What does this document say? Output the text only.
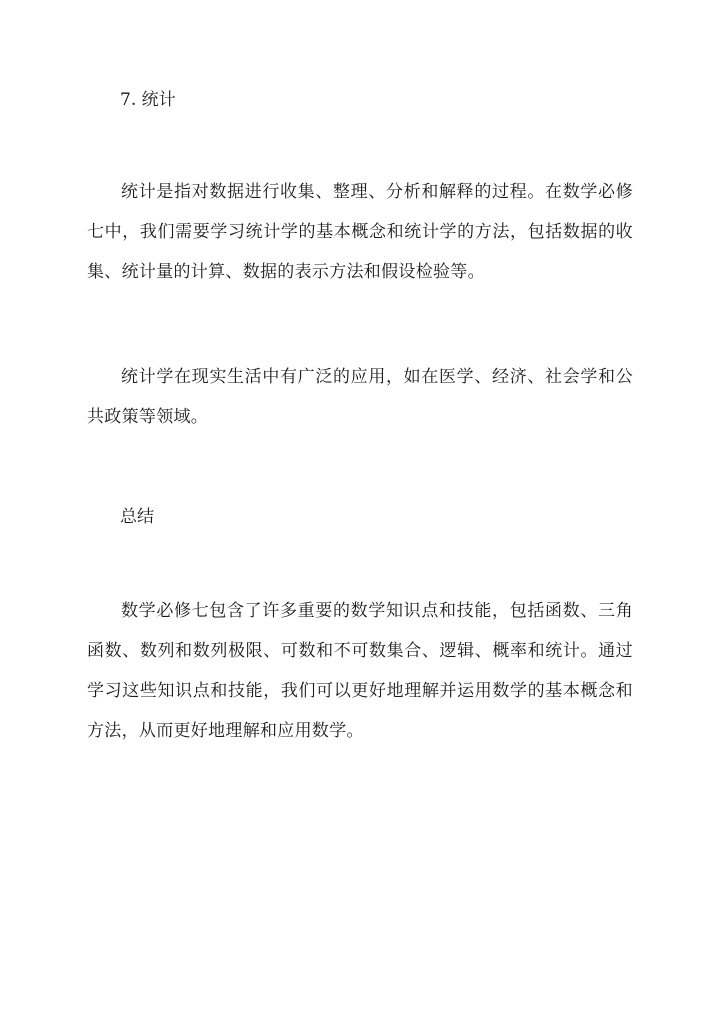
7. 统计
统计是指对数据进行收集、整理、分析和解释的过程。在数学必修七中，我们需要学习统计学的基本概念和统计学的方法，包括数据的收集、统计量的计算、数据的表示方法和假设检验等。
统计学在现实生活中有广泛的应用，如在医学、经济、社会学和公共政策等领域。
总结
数学必修七包含了许多重要的数学知识点和技能，包括函数、三角函数、数列和数列极限、可数和不可数集合、逻辑、概率和统计。通过学习这些知识点和技能，我们可以更好地理解并运用数学的基本概念和方法，从而更好地理解和应用数学。
